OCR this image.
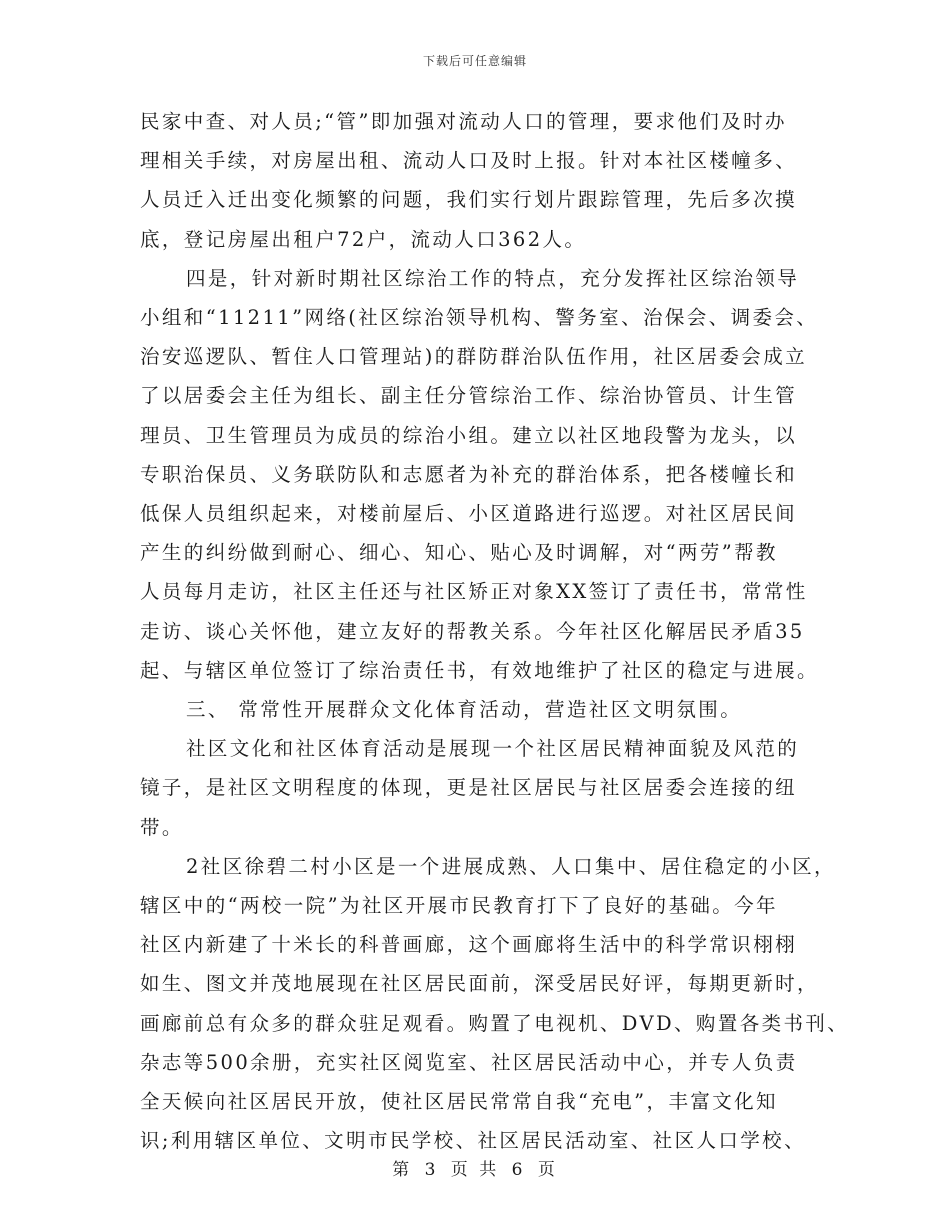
下载后可任意编辑
民家中查、对人员;“管”即加强对流动人口的管理，要求他们及时办
理相关手续，对房屋出租、流动人口及时上报。针对本社区楼幢多、
人员迁入迁出变化频繁的问题，我们实行划片跟踪管理，先后多次摸
底，登记房屋出租户72户，流动人口362人。
四是，针对新时期社区综治工作的特点，充分发挥社区综治领导
小组和“11211”网络(社区综治领导机构、警务室、治保会、调委会、
治安巡逻队、暂住人口管理站)的群防群治队伍作用，社区居委会成立
了以居委会主任为组长、副主任分管综治工作、综治协管员、计生管
理员、卫生管理员为成员的综治小组。建立以社区地段警为龙头，以
专职治保员、义务联防队和志愿者为补充的群治体系，把各楼幢长和
低保人员组织起来，对楼前屋后、小区道路进行巡逻。对社区居民间
产生的纠纷做到耐心、细心、知心、贴心及时调解，对“两劳”帮教
人员每月走访，社区主任还与社区矫正对象XX签订了责任书，常常性
走访、谈心关怀他，建立友好的帮教关系。今年社区化解居民矛盾35
起、与辖区单位签订了综治责任书，有效地维护了社区的稳定与进展。
三、 常常性开展群众文化体育活动，营造社区文明氛围。
社区文化和社区体育活动是展现一个社区居民精神面貌及风范的
镜子，是社区文明程度的体现，更是社区居民与社区居委会连接的纽
带。
2社区徐碧二村小区是一个进展成熟、人口集中、居住稳定的小区，
辖区中的“两校一院”为社区开展市民教育打下了良好的基础。今年
社区内新建了十米长的科普画廊，这个画廊将生活中的科学常识栩栩
如生、图文并茂地展现在社区居民面前，深受居民好评，每期更新时，
画廊前总有众多的群众驻足观看。购置了电视机、DVD、购置各类书刊、
杂志等500余册，充实社区阅览室、社区居民活动中心，并专人负责
全天候向社区居民开放，使社区居民常常自我“充电”，丰富文化知
识;利用辖区单位、文明市民学校、社区居民活动室、社区人口学校、
第 3 页 共 6 页
